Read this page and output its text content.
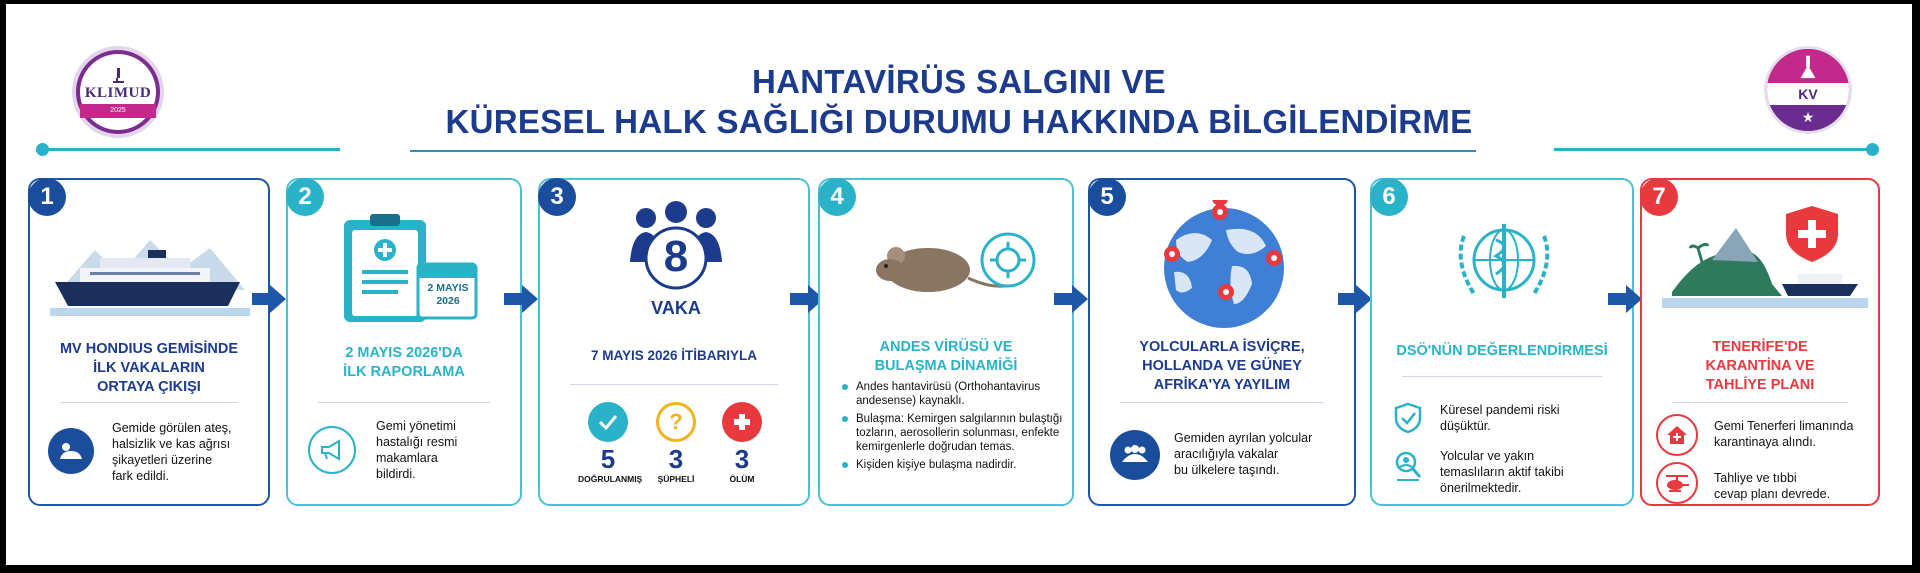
KLIMUD
2025
KV
★
HANTAVİRÜS SALGINI VE
KÜRESEL HALK SAĞLIĞI DURUMU HAKKINDA BİLGİLENDİRME
1
MV HONDIUS GEMİSİNDE
İLK VAKALARIN
ORTAYA ÇIKIŞI
Gemide görülen ateş,
halsizlik ve kas ağrısı
şikayetleri üzerine
fark edildi.
2
2 MAYIS
2026
2 MAYIS 2026'DA
İLK RAPORLAMA
Gemi yönetimi
hastalığı resmi
makamlara
bildirdi.
3
8
VAKA
7 MAYIS 2026 İTİBARIYLA
5
DOĞRULANMIŞ
?
3
ŞÜPHELİ
3
ÖLÜM
4
ANDES VİRÜSÜ VE
BULAŞMA DİNAMİĞİ
Andes hantavirüsü (Orthohantavirus andesense) kaynaklı.
Bulaşma: Kemirgen salgılarının bulaştığı tozların, aerosollerin solunması, enfekte kemirgenlerle doğrudan temas.
Kişiden kişiye bulaşma nadirdir.
5
YOLCULARLA İSVİÇRE,
HOLLANDA VE GÜNEY
AFRİKA'YA YAYILIM
Gemiden ayrılan yolcular
aracılığıyla vakalar
bu ülkelere taşındı.
6
DSÖ'NÜN DEĞERLENDİRMESİ
Küresel pandemi riski
düşüktür.
Yolcular ve yakın
temaslıların aktif takibi
önerilmektedir.
7
TENERİFE'DE
KARANTİNA VE
TAHLİYE PLANI
Gemi Tenerferi limanında
karantinaya alındı.
Tahliye ve tıbbi
cevap planı devrede.
